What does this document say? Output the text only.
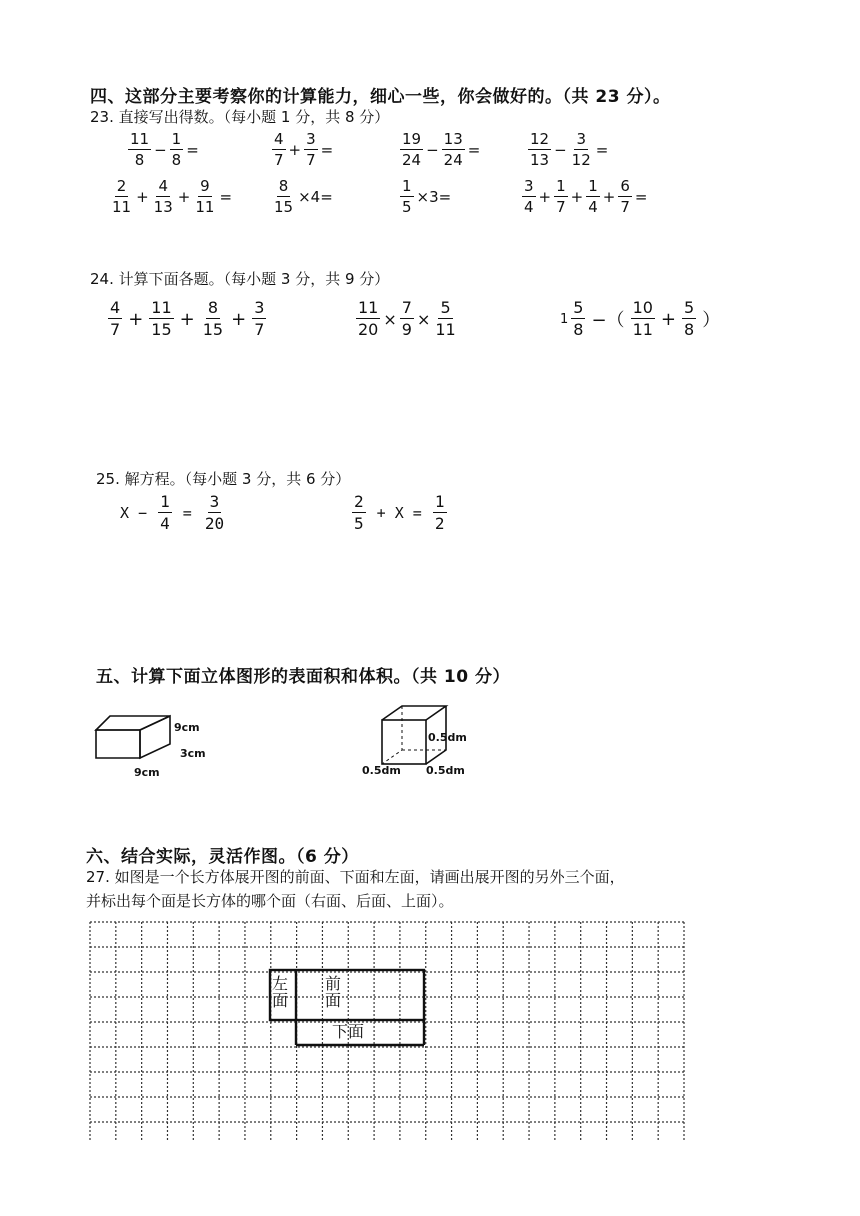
四、这部分主要考察你的计算能力，细心一些，你会做好的。（共 23 分）。
23. 直接写出得数。（每小题 1 分，共 8 分）
$\frac{11}{8} - \frac{1}{8}$ =	$\frac{4}{7} + \frac{3}{7}$ =	$\frac{19}{24} - \frac{13}{24}$ =	$\frac{12}{13} - \frac{3}{12}$ =
$\frac{2}{11} + \frac{4}{13} + \frac{9}{11}$ =	$\frac{8}{15} \times 4=$	$\frac{1}{5} \times 3=$	$\frac{3}{4} + \frac{1}{7} + \frac{1}{4} + \frac{6}{7}$ =
24. 计算下面各题。（每小题 3 分，共 9 分）
$\frac{4}{7} + \frac{11}{15} + \frac{8}{15} + \frac{3}{7}$	$\frac{11}{20} \times \frac{7}{9} \times \frac{5}{11}$	$1 \frac{5}{8}$ −（ $\frac{10}{11} + \frac{5}{8}$ ）
25. 解方程。（每小题 3 分，共 6 分）
$X - \frac{1}{4} = \frac{3}{20}$	$\frac{2}{5} + X = \frac{1}{2}$
五、计算下面立体图形的表面积和体积。（共 10 分）
9cm
3cm
9cm
0.5dm
0.5dm 0.5dm
六、结合实际，灵活作图。（6 分）
27. 如图是一个长方体展开图的前面、下面和左面，请画出展开图的另外三个面，
并标出每个面是长方体的哪个面（右面、后面、上面）。
左
面
前
面
下面
